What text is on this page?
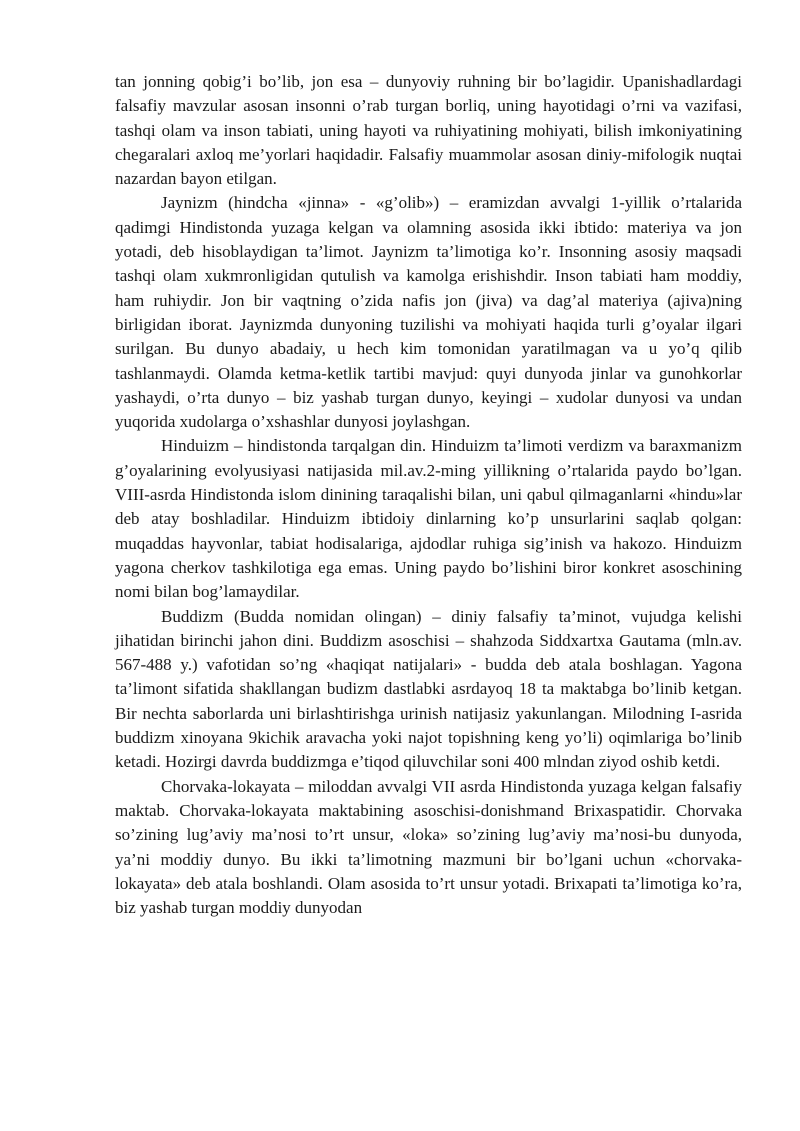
tan jonning qobig’i bo’lib, jon esa – dunyoviy ruhning bir bo’lagidir. Upanishadlardagi falsafiy mavzular asosan insonni o’rab turgan borliq, uning hayotidagi o’rni va vazifasi, tashqi olam va inson tabiati, uning hayoti va ruhiyatining mohiyati, bilish imkoniyatining chegaralari axloq me’yorlari haqidadir. Falsafiy muammolar asosan diniy-mifologik nuqtai nazardan bayon etilgan.

Jaynizm (hindcha «jinna» - «g’olib») – eramizdan avvalgi 1-yillik o’rtalarida qadimgi Hindistonda yuzaga kelgan va olamning asosida ikki ibtido: materiya va jon yotadi, deb hisoblaydigan ta’limot. Jaynizm ta’limotiga ko’r. Insonning asosiy maqsadi tashqi olam xukmronligidan qutulish va kamolga erishishdir. Inson tabiati ham moddiy, ham ruhiydir. Jon bir vaqtning o’zida nafis jon (jiva) va dag’al materiya (ajiva)ning birligidan iborat. Jaynizmda dunyoning tuzilishi va mohiyati haqida turli g’oyalar ilgari surilgan. Bu dunyo abadaiy, u hech kim tomonidan yaratilmagan va u yo’q qilib tashlanmaydi. Olamda ketma-ketlik tartibi mavjud: quyi dunyoda jinlar va gunohkorlar yashaydi, o’rta dunyo – biz yashab turgan dunyo, keyingi – xudolar dunyosi va undan yuqorida xudolarga o’xshashlar dunyosi joylashgan.

Hinduizm – hindistonda tarqalgan din. Hinduizm ta’limoti verdizm va baraxmanizm g’oyalarining evolyusiyasi natijasida mil.av.2-ming yillikning o’rtalarida paydo bo’lgan. VIII-asrda Hindistonda islom dinining taraqalishi bilan, uni qabul qilmaganlarni «hindu»lar deb atay boshladilar. Hinduizm ibtidoiy dinlarning ko’p unsurlarini saqlab qolgan: muqaddas hayvonlar, tabiat hodisalariga, ajdodlar ruhiga sig’inish va hakozo. Hinduizm yagona cherkov tashkilotiga ega emas. Uning paydo bo’lishini biror konkret asoschining nomi bilan bog’lamaydilar.

Buddizm (Budda nomidan olingan) – diniy falsafiy ta’minot, vujudga kelishi jihatidan birinchi jahon dini. Buddizm asoschisi – shahzoda Siddxartxa Gautama (mln.av. 567-488 y.) vafotidan so’ng «haqiqat natijalari» - budda deb atala boshlagan. Yagona ta’limont sifatida shakllangan budizm dastlabki asrdayoq 18 ta maktabga bo’linib ketgan. Bir nechta saborlarda uni birlashtirishga urinish natijasiz yakunlangan. Milodning I-asrida buddizm xinoyana 9kichik aravacha yoki najot topishning keng yo’li) oqimlariga bo’linib ketadi. Hozirgi davrda buddizmga e’tiqod qiluvchilar soni 400 mlndan ziyod oshib ketdi.

Chorvaka-lokayata – miloddan avvalgi VII asrda Hindistonda yuzaga kelgan falsafiy maktab. Chorvaka-lokayata maktabining asoschisi-donishmand Brixaspatidir. Chorvaka so’zining lug’aviy ma’nosi to’rt unsur, «loka» so’zining lug’aviy ma’nosi-bu dunyoda, ya’ni moddiy dunyo. Bu ikki ta’limotning mazmuni bir bo’lgani uchun «chorvaka-lokayata» deb atala boshlandi. Olam asosida to’rt unsur yotadi. Brixapati ta’limotiga ko’ra, biz yashab turgan moddiy dunyodan
